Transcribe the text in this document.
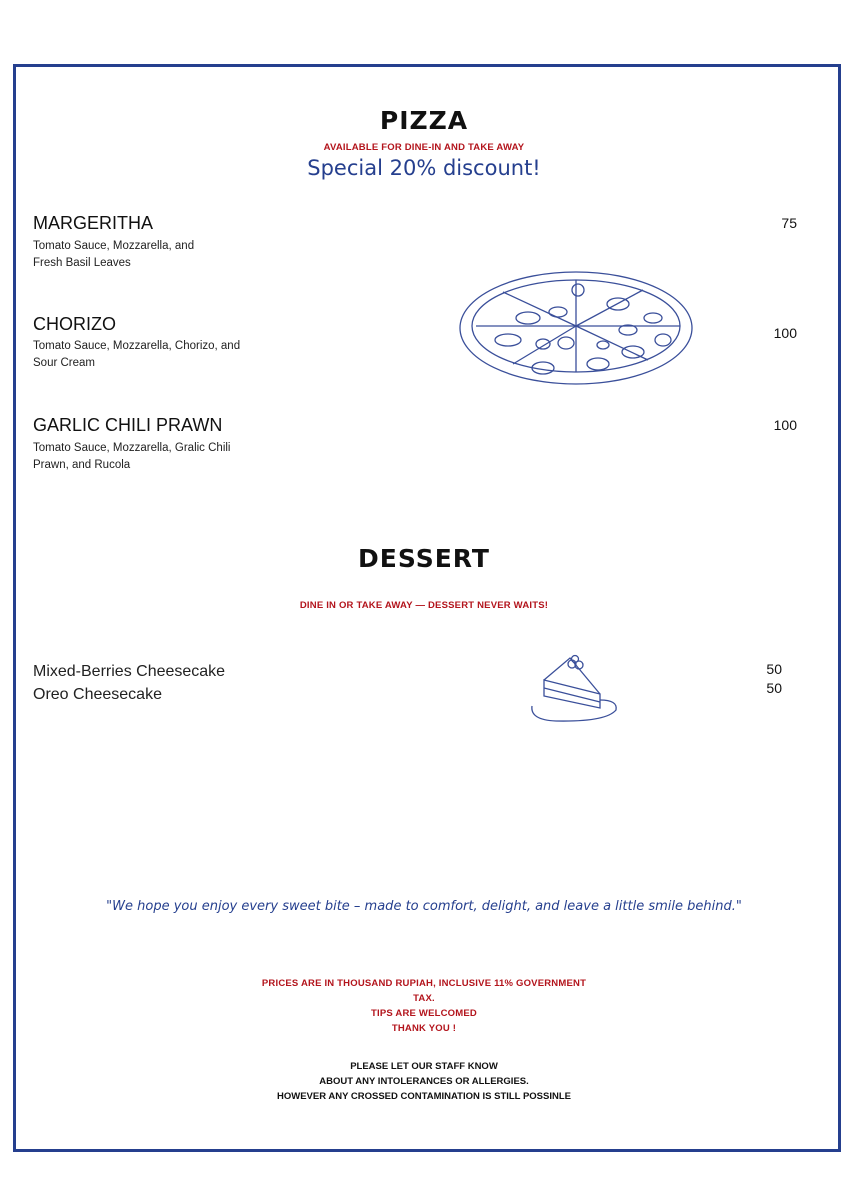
PIZZA
AVAILABLE FOR DINE-IN AND TAKE AWAY
Special 20% discount!
MARGERITHA
Tomato Sauce, Mozzarella, and
Fresh Basil Leaves
75
CHORIZO
Tomato Sauce, Mozzarella, Chorizo, and
Sour Cream
100
GARLIC CHILI PRAWN
Tomato Sauce, Mozzarella, Gralic Chili
Prawn, and Rucola
100
DESSERT
DINE IN OR TAKE AWAY — DESSERT NEVER WAITS!
Mixed-Berries Cheesecake
Oreo Cheesecake
50
50
"We hope you enjoy every sweet bite – made to comfort, delight, and leave a little smile behind."
PRICES ARE IN THOUSAND RUPIAH, INCLUSIVE 11% GOVERNMENT
TAX.
TIPS ARE WELCOMED
THANK YOU !
PLEASE LET OUR STAFF KNOW
ABOUT ANY INTOLERANCES OR ALLERGIES.
HOWEVER ANY CROSSED CONTAMINATION IS STILL POSSINLE
